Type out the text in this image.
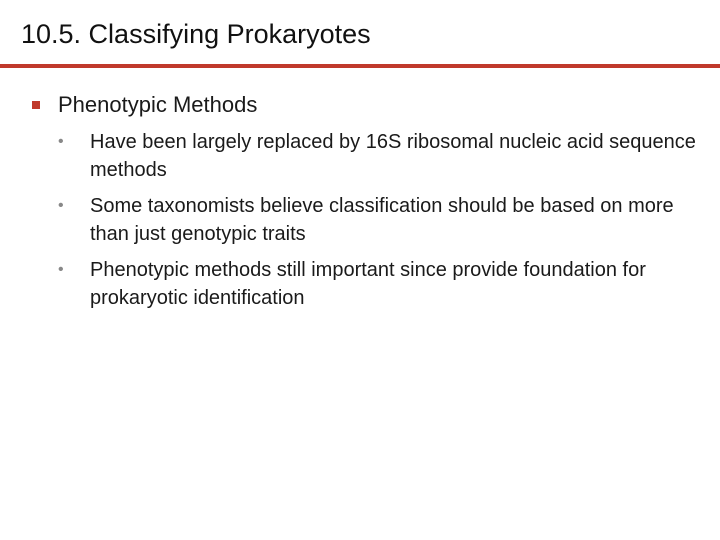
10.5. Classifying Prokaryotes
Phenotypic Methods
•	Have been largely replaced by 16S ribosomal nucleic acid sequence methods
•	Some taxonomists believe classification should be based on more than just genotypic traits
•	Phenotypic methods still important since provide foundation for prokaryotic identification
